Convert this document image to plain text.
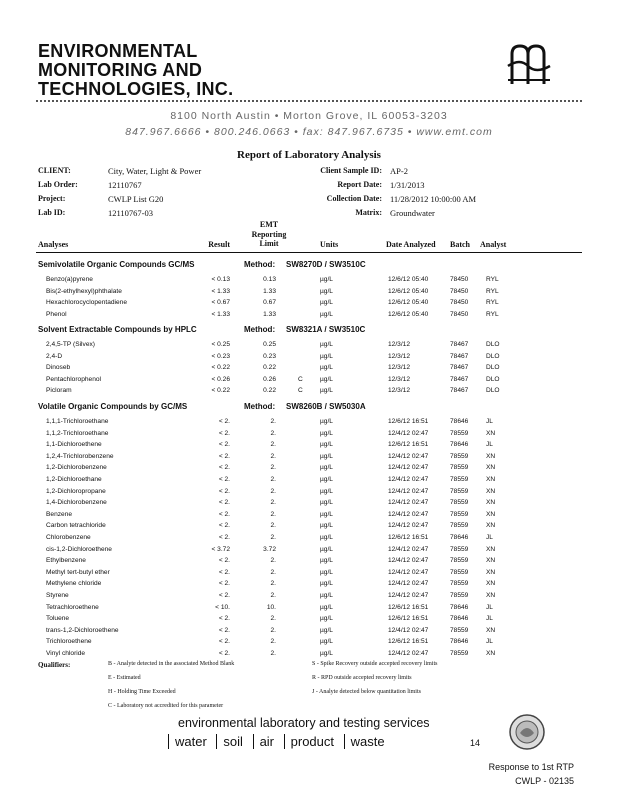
ENVIRONMENTAL
MONITORING AND
TECHNOLOGIES, INC.
8100 North Austin • Morton Grove, IL 60053-3203
847.967.6666 • 800.246.0663 • fax: 847.967.6735 • www.emt.com
Report of Laboratory Analysis
CLIENT:	City, Water, Light & Power
Lab Order:	12110767
Project:	CWLP List G20
Lab ID:	12110767-03
Client Sample ID: AP-2
Report Date: 1/31/2013
Collection Date: 11/28/2012 10:00:00 AM
Matrix: Groundwater
Analyses	Result
EMT
Reporting
Limit	Units	Date Analyzed Batch Analyst
Semivolatile Organic Compounds GC/MS	Method: SW8270D / SW3510C
Benzo(a)pyrene	< 0.13	0.13	µg/L	12/6/12 05:40	78450	RYL
Bis(2-ethylhexyl)phthalate	< 1.33	1.33	µg/L	12/6/12 05:40	78450	RYL
Hexachlorocyclopentadiene	< 0.67	0.67	µg/L	12/6/12 05:40	78450	RYL
Phenol	< 1.33	1.33	µg/L	12/6/12 05:40	78450	RYL
Solvent Extractable Compounds by HPLC	Method: SW8321A / SW3510C
2,4,5-TP (Silvex)	< 0.25	0.25	µg/L	12/3/12	78467	DLO
2,4-D	< 0.23	0.23	µg/L	12/3/12	78467	DLO
Dinoseb	< 0.22	0.22	µg/L	12/3/12	78467	DLO
Pentachlorophenol	< 0.26	0.26	C	µg/L	12/3/12	78467	DLO
Picloram	< 0.22	0.22	C	µg/L	12/3/12	78467	DLO
Volatile Organic Compounds by GC/MS	Method: SW8260B / SW5030A
1,1,1-Trichloroethane	< 2.	2.	µg/L	12/6/12 16:51	78646	JL
1,1,2-Trichloroethane	< 2.	2.	µg/L	12/4/12 02:47	78559	XN
1,1-Dichloroethene	< 2.	2.	µg/L	12/6/12 16:51	78646	JL
1,2,4-Trichlorobenzene	< 2.	2.	µg/L	12/4/12 02:47	78559	XN
1,2-Dichlorobenzene	< 2.	2.	µg/L	12/4/12 02:47	78559	XN
1,2-Dichloroethane	< 2.	2.	µg/L	12/4/12 02:47	78559	XN
1,2-Dichloropropane	< 2.	2.	µg/L	12/4/12 02:47	78559	XN
1,4-Dichlorobenzene	< 2.	2.	µg/L	12/4/12 02:47	78559	XN
Benzene	< 2.	2.	µg/L	12/4/12 02:47	78559	XN
Carbon tetrachloride	< 2.	2.	µg/L	12/4/12 02:47	78559	XN
Chlorobenzene	< 2.	2.	µg/L	12/6/12 16:51	78646	JL
cis-1,2-Dichloroethene	< 3.72	3.72	µg/L	12/4/12 02:47	78559	XN
Ethylbenzene	< 2.	2.	µg/L	12/4/12 02:47	78559	XN
Methyl tert-butyl ether	< 2.	2.	µg/L	12/4/12 02:47	78559	XN
Methylene chloride	< 2.	2.	µg/L	12/4/12 02:47	78559	XN
Styrene	< 2.	2.	µg/L	12/4/12 02:47	78559	XN
Tetrachloroethene	< 10.	10.	µg/L	12/6/12 16:51	78646	JL
Toluene	< 2.	2.	µg/L	12/6/12 16:51	78646	JL
trans-1,2-Dichloroethene	< 2.	2.	µg/L	12/4/12 02:47	78559	XN
Trichloroethene	< 2.	2.	µg/L	12/6/12 16:51	78646	JL
Vinyl chloride	< 2.	2.	µg/L	12/4/12 02:47	78559	XN
Qualifiers:	B - Analyte detected in the associated Method Blank
E - Estimated
H - Holding Time Exceeded
C - Laboratory not accredited for this parameter
S - Spike Recovery outside accepted recovery limits
R - RPD outside accepted recovery limits
J - Analyte detected below quantitation limits
environmental laboratory and testing services
water soil air product waste	14
Response to 1st RTP
CWLP - 02135
